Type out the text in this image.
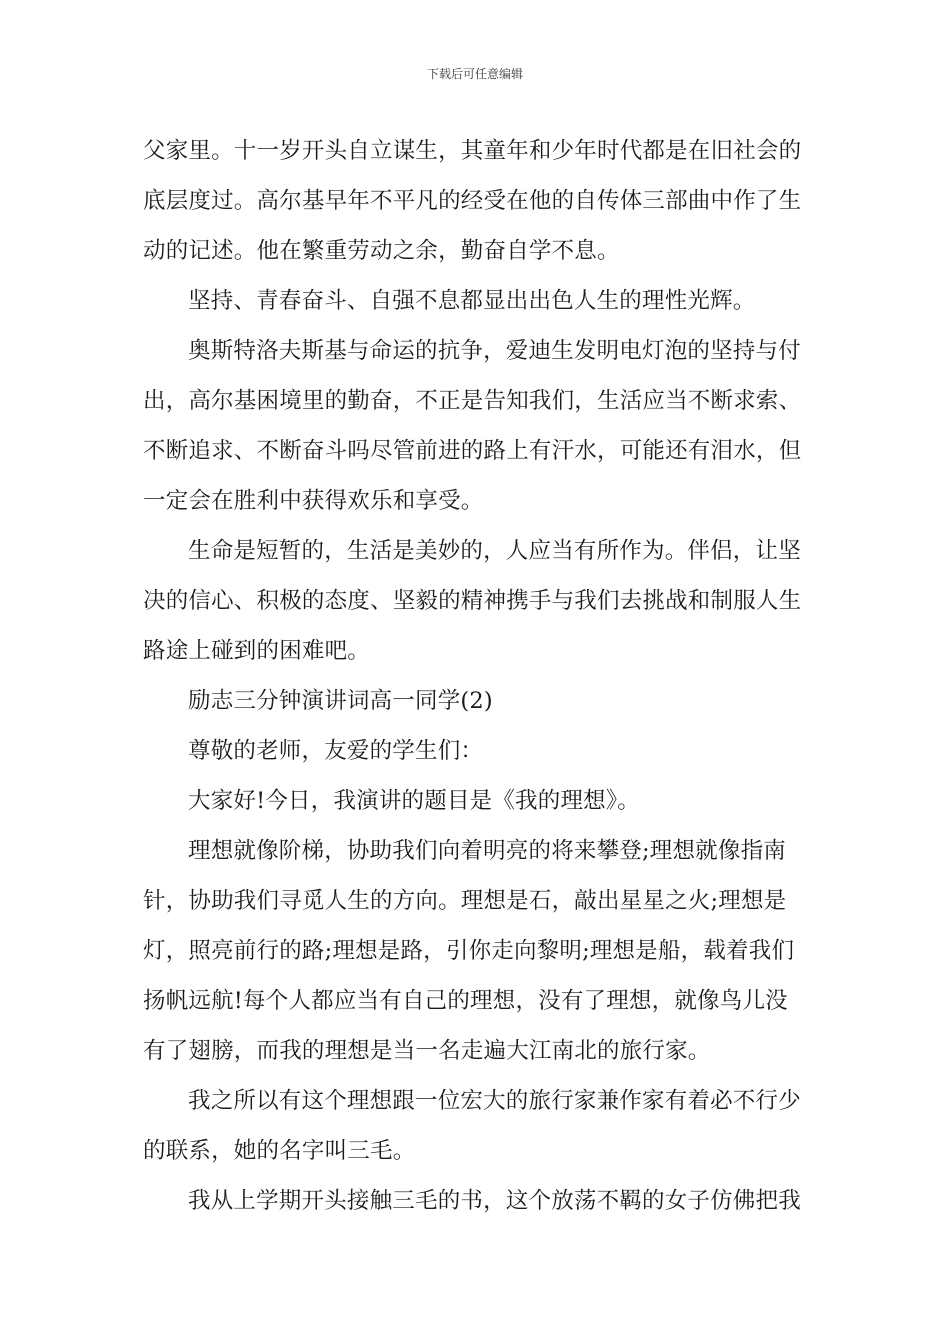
下载后可任意编辑

父家里。十一岁开头自立谋生，其童年和少年时代都是在旧社会的底层度过。高尔基早年不平凡的经受在他的自传体三部曲中作了生动的记述。他在繁重劳动之余，勤奋自学不息。

坚持、青春奋斗、自强不息都显出出色人生的理性光辉。

奥斯特洛夫斯基与命运的抗争，爱迪生发明电灯泡的坚持与付出，高尔基困境里的勤奋，不正是告知我们，生活应当不断求索、不断追求、不断奋斗吗尽管前进的路上有汗水，可能还有泪水，但一定会在胜利中获得欢乐和享受。

生命是短暂的，生活是美妙的，人应当有所作为。伴侣，让坚决的信心、积极的态度、坚毅的精神携手与我们去挑战和制服人生路途上碰到的困难吧。

励志三分钟演讲词高一同学(2)

尊敬的老师，友爱的学生们：

大家好!今日，我演讲的题目是《我的理想》。

理想就像阶梯，协助我们向着明亮的将来攀登;理想就像指南针，协助我们寻觅人生的方向。理想是石，敲出星星之火;理想是灯，照亮前行的路;理想是路，引你走向黎明;理想是船，载着我们扬帆远航!每个人都应当有自己的理想，没有了理想，就像鸟儿没有了翅膀，而我的理想是当一名走遍大江南北的旅行家。

我之所以有这个理想跟一位宏大的旅行家兼作家有着必不行少的联系，她的名字叫三毛。

我从上学期开头接触三毛的书，这个放荡不羁的女子仿佛把我
